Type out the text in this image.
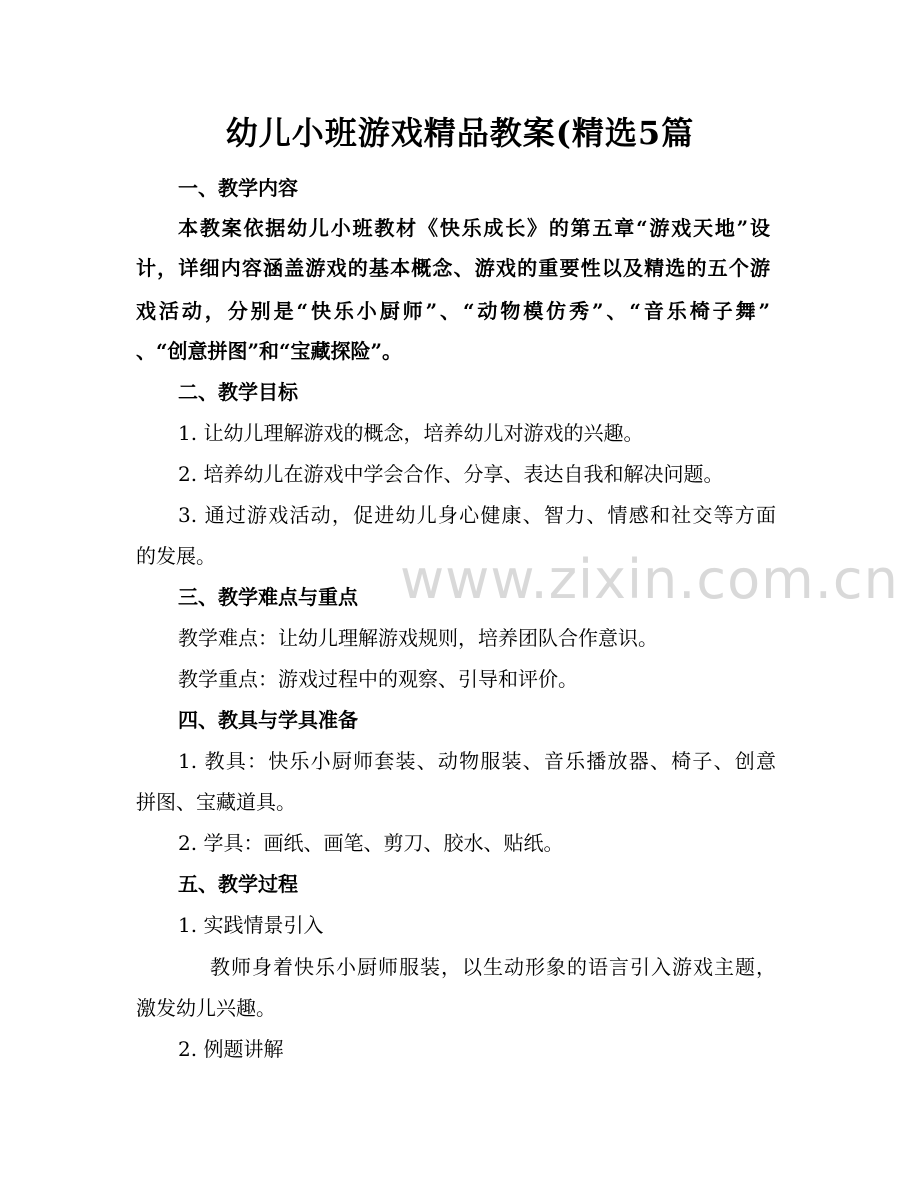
幼儿小班游戏精品教案(精选5篇
一、教学内容
本教案依据幼儿小班教材《快乐成长》的第五章“游戏天地”设
计，详细内容涵盖游戏的基本概念、游戏的重要性以及精选的五个游
戏活动，分别是“快乐小厨师”、“动物模仿秀”、“音乐椅子舞”
、“创意拼图”和“宝藏探险”。
二、教学目标
1. 让幼儿理解游戏的概念，培养幼儿对游戏的兴趣。
2. 培养幼儿在游戏中学会合作、分享、表达自我和解决问题。
3. 通过游戏活动，促进幼儿身心健康、智力、情感和社交等方面
的发展。
三、教学难点与重点
教学难点：让幼儿理解游戏规则，培养团队合作意识。
教学重点：游戏过程中的观察、引导和评价。
四、教具与学具准备
1. 教具：快乐小厨师套装、动物服装、音乐播放器、椅子、创意
拼图、宝藏道具。
2. 学具：画纸、画笔、剪刀、胶水、贴纸。
五、教学过程
1. 实践情景引入
教师身着快乐小厨师服装，以生动形象的语言引入游戏主题，
激发幼儿兴趣。
2. 例题讲解
www.zixin.com.cn
